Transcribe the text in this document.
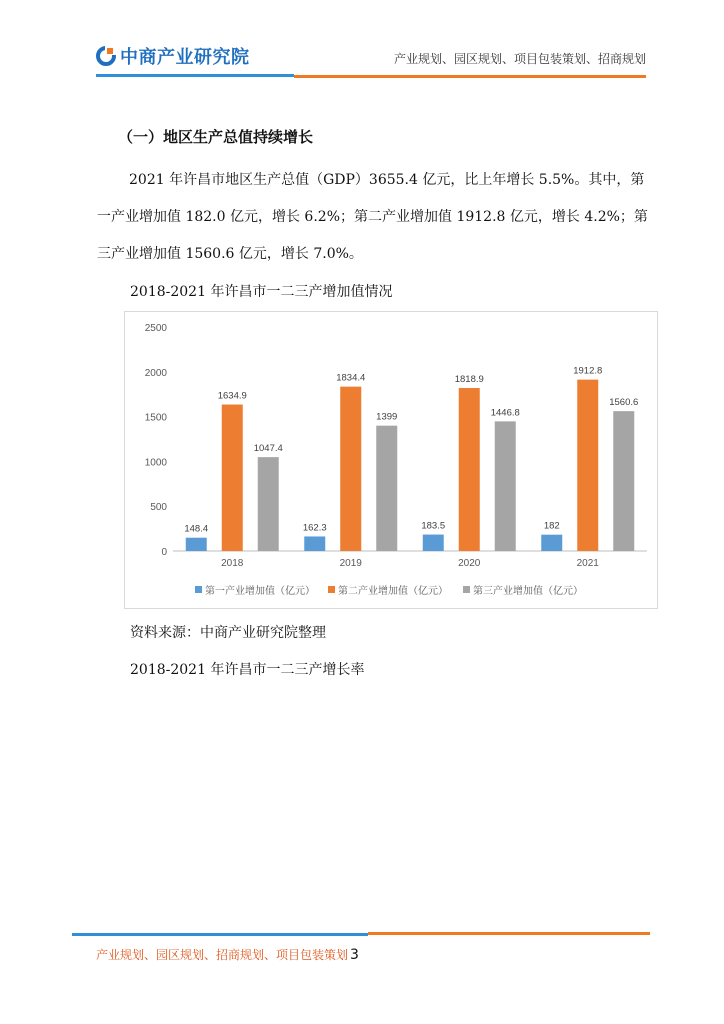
中商产业研究院	产业规划、园区规划、项目包装策划、招商规划
（一）地区生产总值持续增长
2021 年许昌市地区生产总值（GDP）3655.4 亿元，比上年增长 5.5%。其中，第一产业增加值 182.0 亿元，增长 6.2%；第二产业增加值 1912.8 亿元，增长 4.2%；第三产业增加值 1560.6 亿元，增长 7.0%。
2018-2021 年许昌市一二三产增加值情况
0
500
1000
1500
2000
2500
148.4
1634.9
1047.4
2018
162.3
1834.4
1399
2019
183.5
1818.9
1446.8
2020
182
1912.8
1560.6
2021
第一产业增加值（亿元） 第二产业增加值（亿元）	第三产业增加值（亿元）
资料来源：中商产业研究院整理
2018-2021 年许昌市一二三产增长率
产业规划、园区规划、招商规划、项目包装策划 3
